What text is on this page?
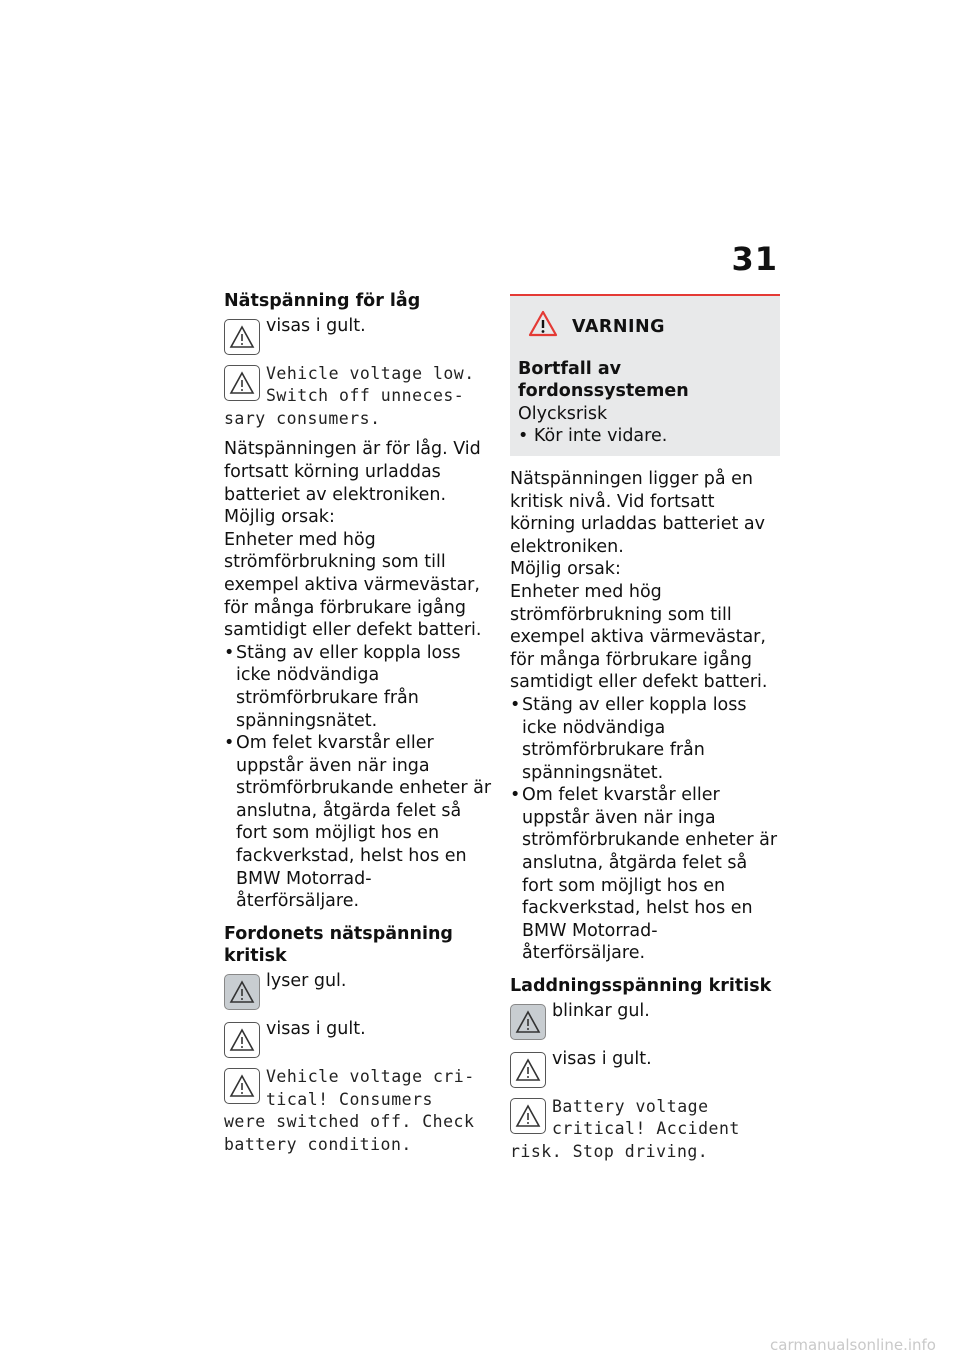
31
Nätspänning för låg
visas i gult.
Vehicle voltage low.
Switch off unneces-
sary consumers.

Nätspänningen är för låg. Vid fortsatt körning urladdas batteriet av elektroniken.

Möjlig orsak:

Enheter med hög strömförbrukning som till exempel aktiva värmevästar, för många förbrukare igång samtidigt eller defekt batteri.

• Stäng av eller koppla loss icke nödvändiga strömförbrukare från spänningsnätet.
• Om felet kvarstår eller uppstår även när inga strömförbrukande enheter är anslutna, åtgärda felet så fort som möjligt hos en fackverkstad, helst hos en BMW Motorrad-återförsäljare.
Fordonets nätspänning kritisk
lyser gul.
visas i gult.
Vehicle voltage cri-
tical! Consumers
were switched off. Check
battery condition.
VARNING

Bortfall av fordonssystemen

Olycksrisk

• Kör inte vidare.

Nätspänningen ligger på en kritisk nivå. Vid fortsatt körning urladdas batteriet av elektroniken.

Möjlig orsak:

Enheter med hög strömförbrukning som till exempel aktiva värmevästar, för många förbrukare igång samtidigt eller defekt batteri.

• Stäng av eller koppla loss icke nödvändiga strömförbrukare från spänningsnätet.
• Om felet kvarstår eller uppstår även när inga strömförbrukande enheter är anslutna, åtgärda felet så fort som möjligt hos en fackverkstad, helst hos en BMW Motorrad-återförsäljare.
Laddningsspänning kritisk
blinkar gul.
visas i gult.
Battery voltage
critical! Accident
risk. Stop driving.
carmanualsonline.info
